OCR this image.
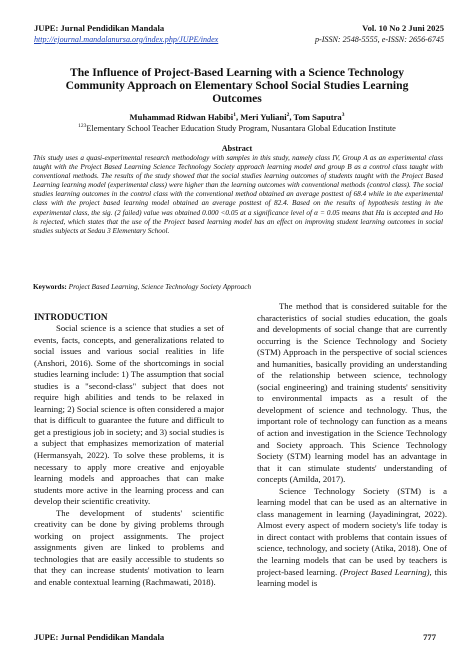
JUPE: Jurnal Pendidikan Mandala
http://ejournal.mandalanursa.org/index.php/JUPE/index
Vol. 10 No 2 Juni 2025
p-ISSN: 2548-5555, e-ISSN: 2656-6745
The Influence of Project-Based Learning with a Science Technology Community Approach on Elementary School Social Studies Learning Outcomes
Muhammad Ridwan Habibi$^1$, Meri Yuliani$^2$, Tom Saputra$^3$
$^{123}$Elementary School Teacher Education Study Program, Nusantara Global Education Institute
Abstract
This study uses a quasi-experimental research methodology with samples in this study, namely class IV, Group A as an experimental class taught with the Project Based Learning Science Technology Society approach learning model and group B as a control class taught with conventional methods. The results of the study showed that the social studies learning outcomes of students taught with the Project Based Learning learning model (experimental class) were higher than the learning outcomes with conventional methods (control class). The social studies learning outcomes in the control class with the conventional method obtained an average posttest of 68.4 while in the experimental class with the project based learning model obtained an average posttest of 82.4. Based on the results of hypothesis testing in the experimental class, the sig. (2 failed) value was obtained 0.000 <0.05 at a significance level of α = 0.05 means that Ha is accepted and Ho is rejected, which states that the use of the Project based learning model has an effect on improving student learning outcomes in social studies subjects at Sedau 3 Elementary School.
Keywords: Project Based Learning, Science Technology Society Approach
INTRODUCTION

Social science is a science that studies a set of events, facts, concepts, and generalizations related to social issues and various social realities in life (Anshori, 2016). Some of the shortcomings in social studies learning include: 1) The assumption that social studies is a "second-class" subject that does not require high abilities and tends to be relaxed in learning; 2) Social science is often considered a major that is difficult to guarantee the future and difficult to get a prestigious job in society; and 3) social studies is a subject that emphasizes memorization of material (Hermansyah, 2022). To solve these problems, it is necessary to apply more creative and enjoyable learning models and approaches that can make students more active in the learning process and can develop their scientific creativity.

The development of students' scientific creativity can be done by giving problems through working on project assignments. The project assignments given are linked to problems and technologies that are easily accessible to students so that they can increase students' motivation to learn and enable contextual learning (Rachmawati, 2018).

The method that is considered suitable for the characteristics of social studies education, the goals and developments of social change that are currently occurring is the Science Technology and Society (STM) Approach in the perspective of social sciences and humanities, basically providing an understanding of the relationship between science, technology (social engineering) and training students' sensitivity to environmental impacts as a result of the development of science and technology. Thus, the important role of technology can function as a means of action and investigation in the Science Technology and Society approach. This Science Technology Society (STM) learning model has an advantage in that it can stimulate students' understanding of concepts (Amilda, 2017).

Science Technology Society (STM) is a learning model that can be used as an alternative in class management in learning (Jayadiningrat, 2022). Almost every aspect of modern society's life today is in direct contact with problems that contain issues of science, technology, and society (Atika, 2018). One of the learning models that can be used by teachers is project-based learning. (Project Based Learning), this learning model is

JUPE: Jurnal Pendidikan Mandala	777
